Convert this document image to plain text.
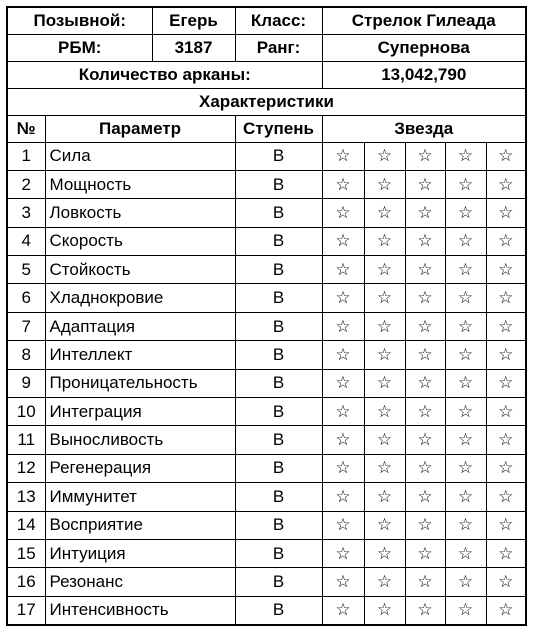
Позывной:		Егерь	Класс:	Стрелок Гилеада				
РБМ:		3187	Ранг:	Супернова				
Количество арканы:				13,042,790				
Характеристики								
№	Параметр		Ступень	Звезда				
1	Сила		B	☆	☆	☆	☆	☆
2	Мощность		B	☆	☆	☆	☆	☆
3	Ловкость		B	☆	☆	☆	☆	☆
4	Скорость		B	☆	☆	☆	☆	☆
5	Стойкость		B	☆	☆	☆	☆	☆
6	Хладнокровие		B	☆	☆	☆	☆	☆
7	Адаптация		B	☆	☆	☆	☆	☆
8	Интеллект		B	☆	☆	☆	☆	☆
9	Проницательность		B	☆	☆	☆	☆	☆
10	Интеграция		B	☆	☆	☆	☆	☆
11	Выносливость		B	☆	☆	☆	☆	☆
12	Регенерация		B	☆	☆	☆	☆	☆
13	Иммунитет		B	☆	☆	☆	☆	☆
14	Восприятие		B	☆	☆	☆	☆	☆
15	Интуиция		B	☆	☆	☆	☆	☆
16	Резонанс		B	☆	☆	☆	☆	☆
17	Интенсивность		B	☆	☆	☆	☆	☆
